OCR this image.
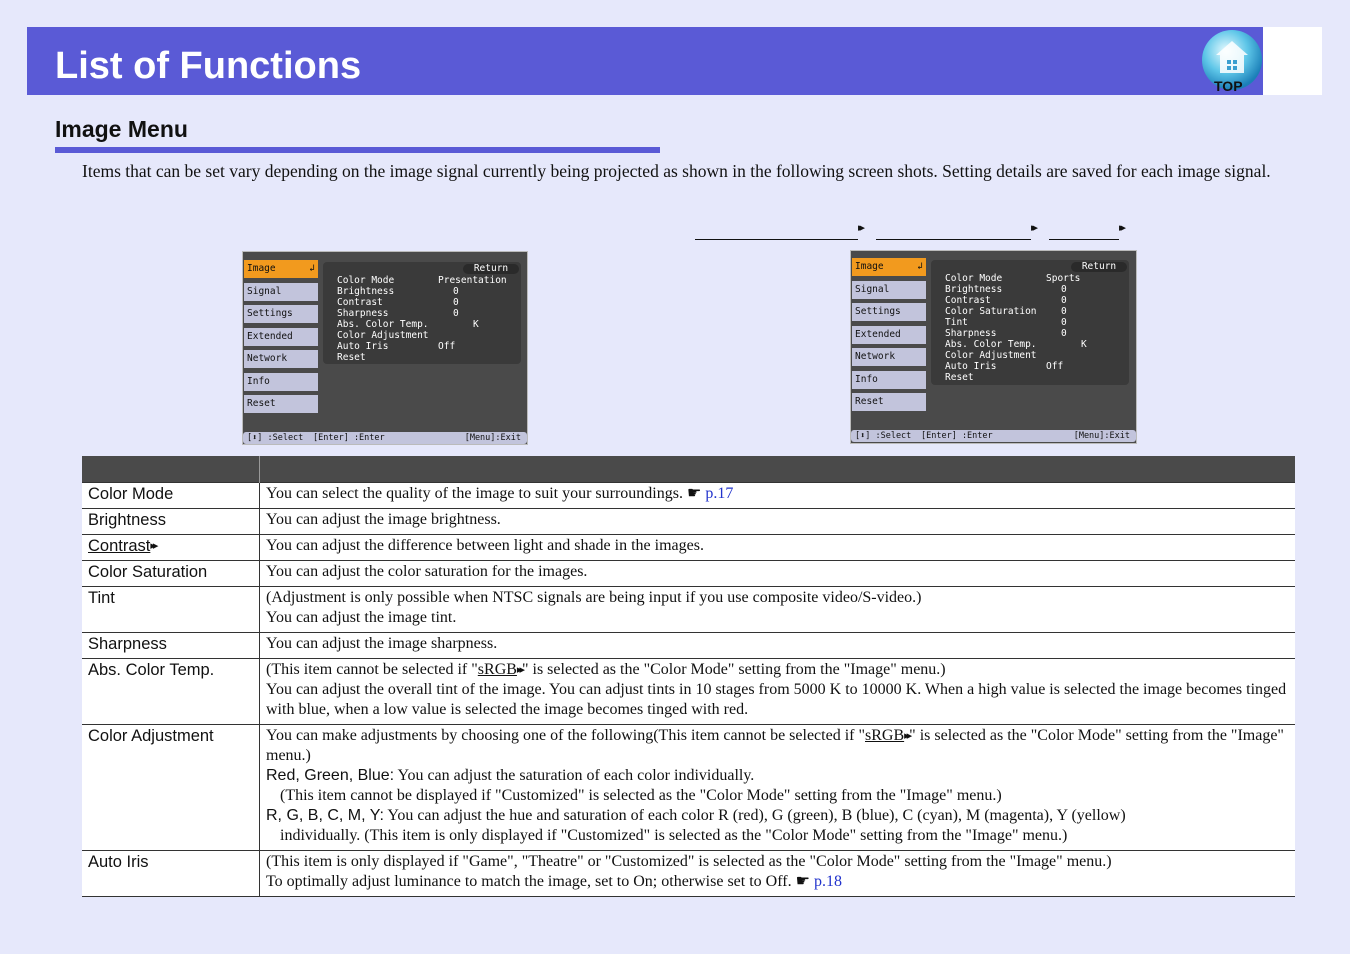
List of Functions	TOP
Image Menu

Items that can be set vary depending on the image signal currently being projected as shown in the following screen shots. Setting details are saved for each image signal.

▸▸	▸▸	▸▸
Image	↲
Signal
Settings
Extended
Network
Info
Reset
Return
Color Mode	Presentation
Brightness	0
Contrast	0
Sharpness	0
Abs. Color Temp.	K
Color Adjustment
Auto Iris	Off
Reset
[⬍] :Select [Enter] :Enter	[Menu]:Exit
Image	↲
Signal
Settings
Extended
Network
Info
Reset
Return
Color Mode	Sports
Brightness	0
Contrast	0
Color Saturation	0
Tint	0
Sharpness	0
Abs. Color Temp.	K
Color Adjustment
Auto Iris	Off
Reset
[⬍] :Select [Enter] :Enter	[Menu]:Exit

Color Mode	You can select the quality of the image to suit your surroundings. ☛ p.17
Brightness	You can adjust the image brightness.
Contrast▸▸	You can adjust the difference between light and shade in the images.
Color Saturation	You can adjust the color saturation for the images.
Tint	(Adjustment is only possible when NTSC signals are being input if you use composite video/S-video.)
You can adjust the image tint.
Sharpness	You can adjust the image sharpness.
Abs. Color Temp.	(This item cannot be selected if "sRGB▸▸" is selected as the "Color Mode" setting from the "Image" menu.)
You can adjust the overall tint of the image. You can adjust tints in 10 stages from 5000 K to 10000 K. When a high value is selected the image becomes tinged with blue, when a low value is selected the image becomes tinged with red.
Color Adjustment	You can make adjustments by choosing one of the following(This item cannot be selected if "sRGB▸▸" is selected as the "Color Mode" setting from the "Image" menu.)
Red, Green, Blue: You can adjust the saturation of each color individually.
(This item cannot be displayed if "Customized" is selected as the "Color Mode" setting from the "Image" menu.)
R, G, B, C, M, Y: You can adjust the hue and saturation of each color R (red), G (green), B (blue), C (cyan), M (magenta), Y (yellow)
individually. (This item is only displayed if "Customized" is selected as the "Color Mode" setting from the "Image" menu.)

Auto Iris	(This item is only displayed if "Game", "Theatre" or "Customized" is selected as the "Color Mode" setting from the "Image" menu.)
To optimally adjust luminance to match the image, set to On; otherwise set to Off. ☛ p.18
